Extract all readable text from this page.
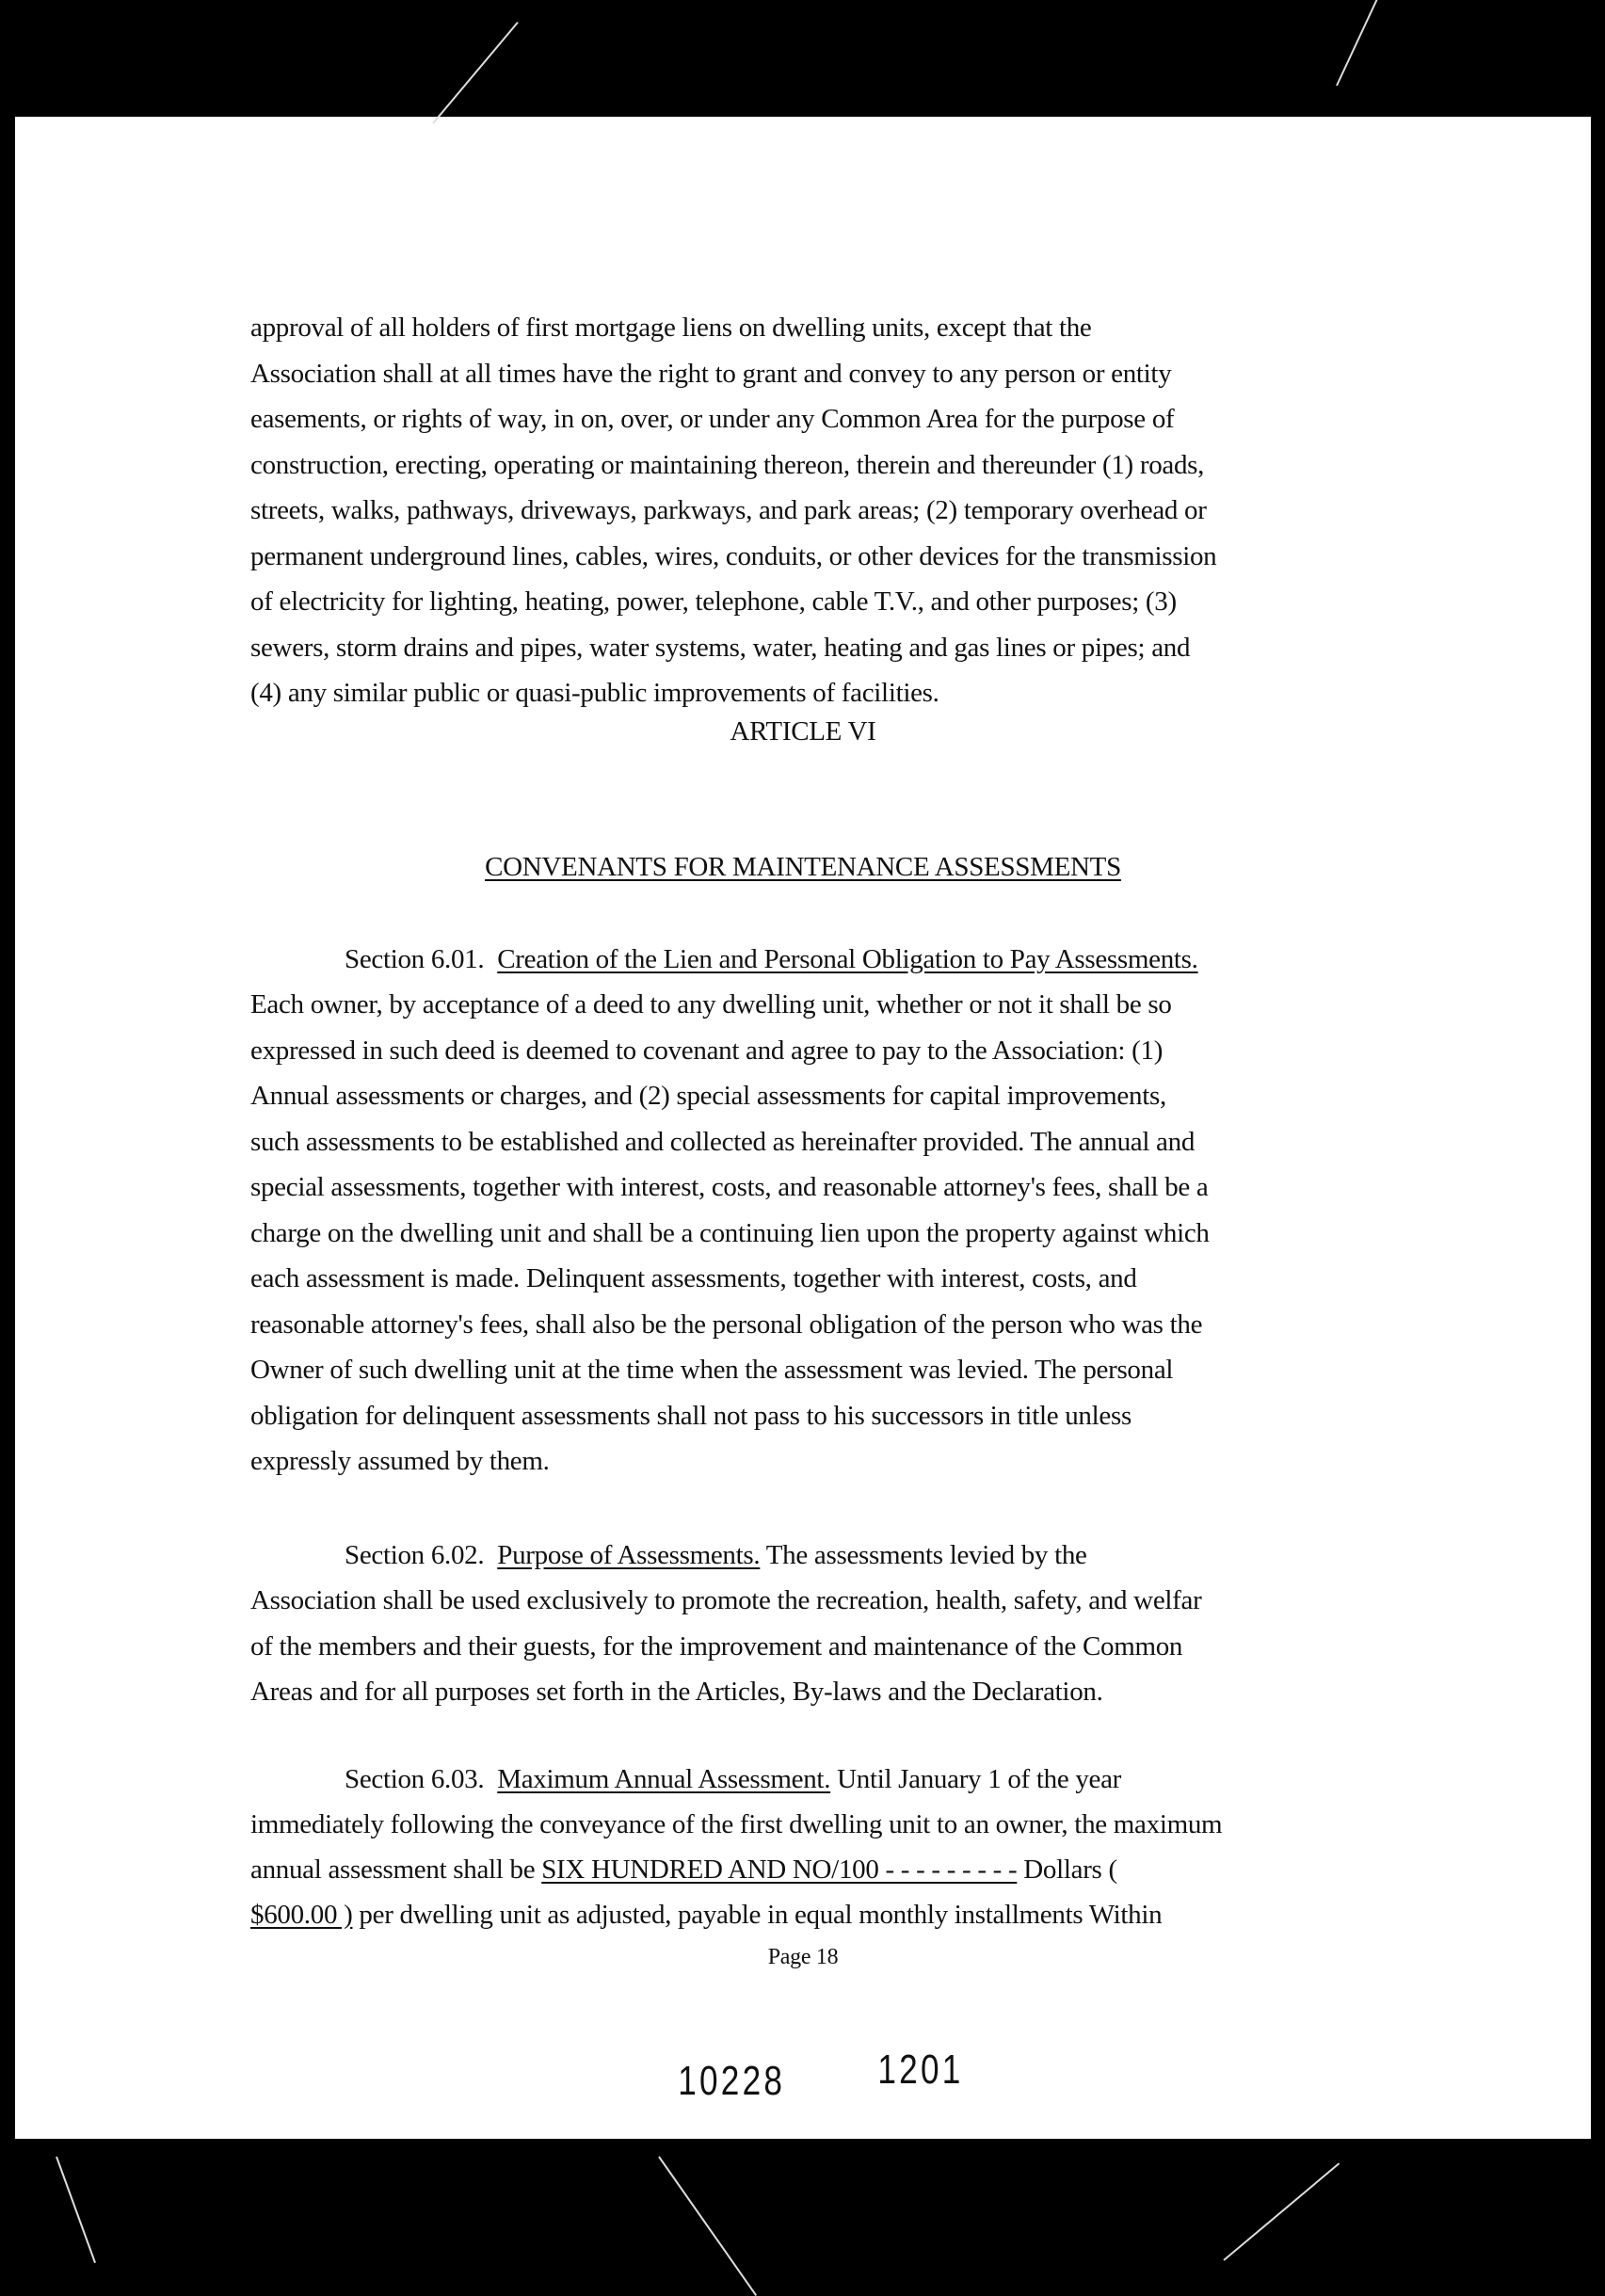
approval of all holders of first mortgage liens on dwelling units, except that the
Association shall at all times have the right to grant and convey to any person or entity
easements, or rights of way, in on, over, or under any Common Area for the purpose of
construction, erecting, operating or maintaining thereon, therein and thereunder (1) roads,
streets, walks, pathways, driveways, parkways, and park areas; (2) temporary overhead or
permanent underground lines, cables, wires, conduits, or other devices for the transmission
of electricity for lighting, heating, power, telephone, cable T.V., and other purposes; (3)
sewers, storm drains and pipes, water systems, water, heating and gas lines or pipes; and
(4) any similar public or quasi-public improvements of facilities.
ARTICLE VI
CONVENANTS FOR MAINTENANCE ASSESSMENTS
Section 6.01. Creation of the Lien and Personal Obligation to Pay Assessments.
Each owner, by acceptance of a deed to any dwelling unit, whether or not it shall be so
expressed in such deed is deemed to covenant and agree to pay to the Association: (1)
Annual assessments or charges, and (2) special assessments for capital improvements,
such assessments to be established and collected as hereinafter provided. The annual and
special assessments, together with interest, costs, and reasonable attorney's fees, shall be a
charge on the dwelling unit and shall be a continuing lien upon the property against which
each assessment is made. Delinquent assessments, together with interest, costs, and
reasonable attorney's fees, shall also be the personal obligation of the person who was the
Owner of such dwelling unit at the time when the assessment was levied. The personal
obligation for delinquent assessments shall not pass to his successors in title unless
expressly assumed by them.
Section 6.02. Purpose of Assessments. The assessments levied by the
Association shall be used exclusively to promote the recreation, health, safety, and welfar
of the members and their guests, for the improvement and maintenance of the Common
Areas and for all purposes set forth in the Articles, By-laws and the Declaration.
Section 6.03. Maximum Annual Assessment. Until January 1 of the year
immediately following the conveyance of the first dwelling unit to an owner, the maximum
annual assessment shall be SIX HUNDRED AND NO/100 - - - - - - - - - Dollars (
$600.00 ) per dwelling unit as adjusted, payable in equal monthly installments Within
Page 18
10228 1201
